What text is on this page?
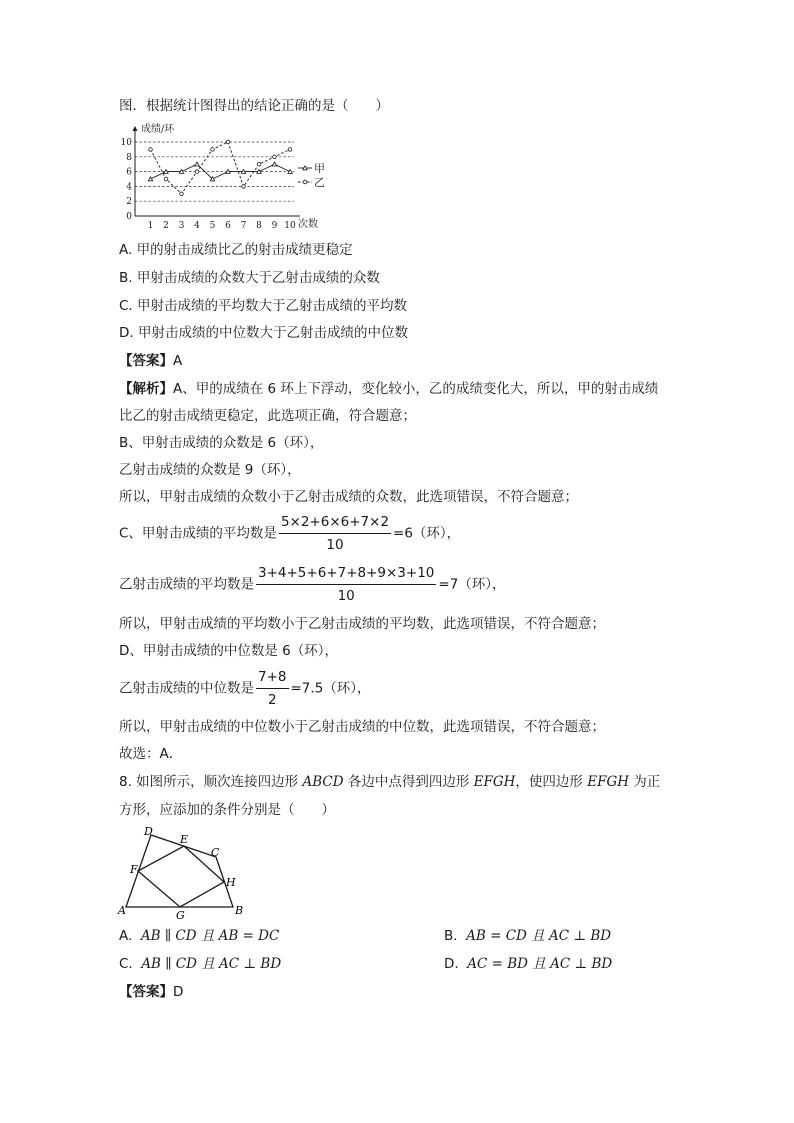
图．根据统计图得出的结论正确的是（　　）
0
2
4
6
8
10
1 2 3 4 5 6 7 8 9 10
成绩/环
次数
甲
乙
A. 甲的射击成绩比乙的射击成绩更稳定
B. 甲射击成绩的众数大于乙射击成绩的众数
C. 甲射击成绩的平均数大于乙射击成绩的平均数
D. 甲射击成绩的中位数大于乙射击成绩的中位数
【答案】A
【解析】A、甲的成绩在 6 环上下浮动，变化较小，乙的成绩变化大，所以，甲的射击成绩
比乙的射击成绩更稳定，此选项正确，符合题意；
B、甲射击成绩的众数是 6（环），
乙射击成绩的众数是 9（环），
所以，甲射击成绩的众数小于乙射击成绩的众数，此选项错误，不符合题意；
C、甲射击成绩的平均数是 $\frac{5\times 2+6\times 6+7\times 2}{10} =6$（环），
乙射击成绩的平均数是 $\frac{3+4+5+6+7+8+9\times 3+10}{10} =7$（环），
所以，甲射击成绩的平均数小于乙射击成绩的平均数，此选项错误，不符合题意；
D、甲射击成绩的中位数是 6（环），
乙射击成绩的中位数是 $\frac{7+8}{2} =7.5$（环），
所以，甲射击成绩的中位数小于乙射击成绩的中位数，此选项错误，不符合题意；
故选：A．
8. 如图所示，顺次连接四边形 ABCD 各边中点得到四边形 EFGH，使四边形 EFGH 为正
方形，应添加的条件分别是（　　）
A	B
C
D
E
F
G
H
A. AB ∥ CD 且 AB = DC	B. AB = CD 且 AC ⊥ BD
C. AB ∥ CD 且 AC ⊥ BD	D. AC = BD 且 AC ⊥ BD
【答案】D
